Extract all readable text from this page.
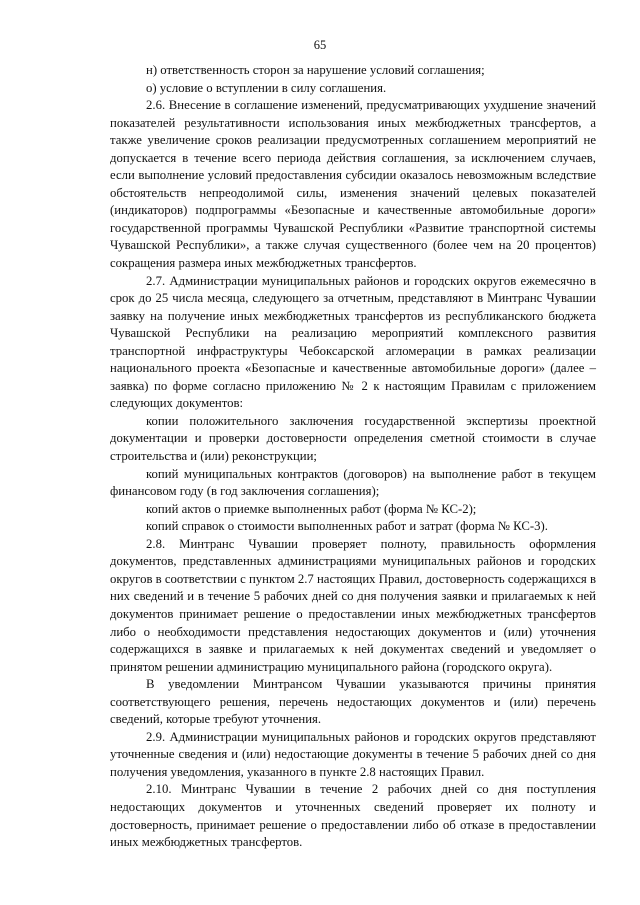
65

н) ответственность сторон за нарушение условий соглашения;

о) условие о вступлении в силу соглашения.

2.6. Внесение в соглашение изменений, предусматривающих ухудшение значений показателей результативности использования иных межбюджетных трансфертов, а также увеличение сроков реализации предусмотренных соглашением мероприятий не допускается в течение всего периода действия соглашения, за исключением случаев, если выполнение условий предоставления субсидии оказалось невозможным вследствие обстоятельств непреодолимой силы, изменения значений целевых показателей (индикаторов) подпрограммы «Безопасные и качественные автомобильные дороги» государственной программы Чувашской Республики «Развитие транспортной системы Чувашской Республики», а также случая существенного (более чем на 20 процентов) сокращения размера иных межбюджетных трансфертов.

2.7. Администрации муниципальных районов и городских округов ежемесячно в срок до 25 числа месяца, следующего за отчетным, представляют в Минтранс Чувашии заявку на получение иных межбюджетных трансфертов из республиканского бюджета Чувашской Республики на реализацию мероприятий комплексного развития транспортной инфраструктуры Чебоксарской агломерации в рамках реализации национального проекта «Безопасные и качественные автомобильные дороги» (далее – заявка) по форме согласно приложению № 2 к настоящим Правилам с приложением следующих документов:

копии положительного заключения государственной экспертизы проектной документации и проверки достоверности определения сметной стоимости в случае строительства и (или) реконструкции;

копий муниципальных контрактов (договоров) на выполнение работ в текущем финансовом году (в год заключения соглашения);

копий актов о приемке выполненных работ (форма № КС-2);

копий справок о стоимости выполненных работ и затрат (форма № КС-3).

2.8. Минтранс Чувашии проверяет полноту, правильность оформления документов, представленных администрациями муниципальных районов и городских округов в соответствии с пунктом 2.7 настоящих Правил, достоверность содержащихся в них сведений и в течение 5 рабочих дней со дня получения заявки и прилагаемых к ней документов принимает решение о предоставлении иных межбюджетных трансфертов либо о необходимости представления недостающих документов и (или) уточнения содержащихся в заявке и прилагаемых к ней документах сведений и уведомляет о принятом решении администрацию муниципального района (городского округа).

В уведомлении Минтрансом Чувашии указываются причины принятия соответствующего решения, перечень недостающих документов и (или) перечень сведений, которые требуют уточнения.

2.9. Администрации муниципальных районов и городских округов представляют уточненные сведения и (или) недостающие документы в течение 5 рабочих дней со дня получения уведомления, указанного в пункте 2.8 настоящих Правил.

2.10. Минтранс Чувашии в течение 2 рабочих дней со дня поступления недостающих документов и уточненных сведений проверяет их полноту и достоверность, принимает решение о предоставлении либо об отказе в предоставлении иных межбюджетных трансфертов.
